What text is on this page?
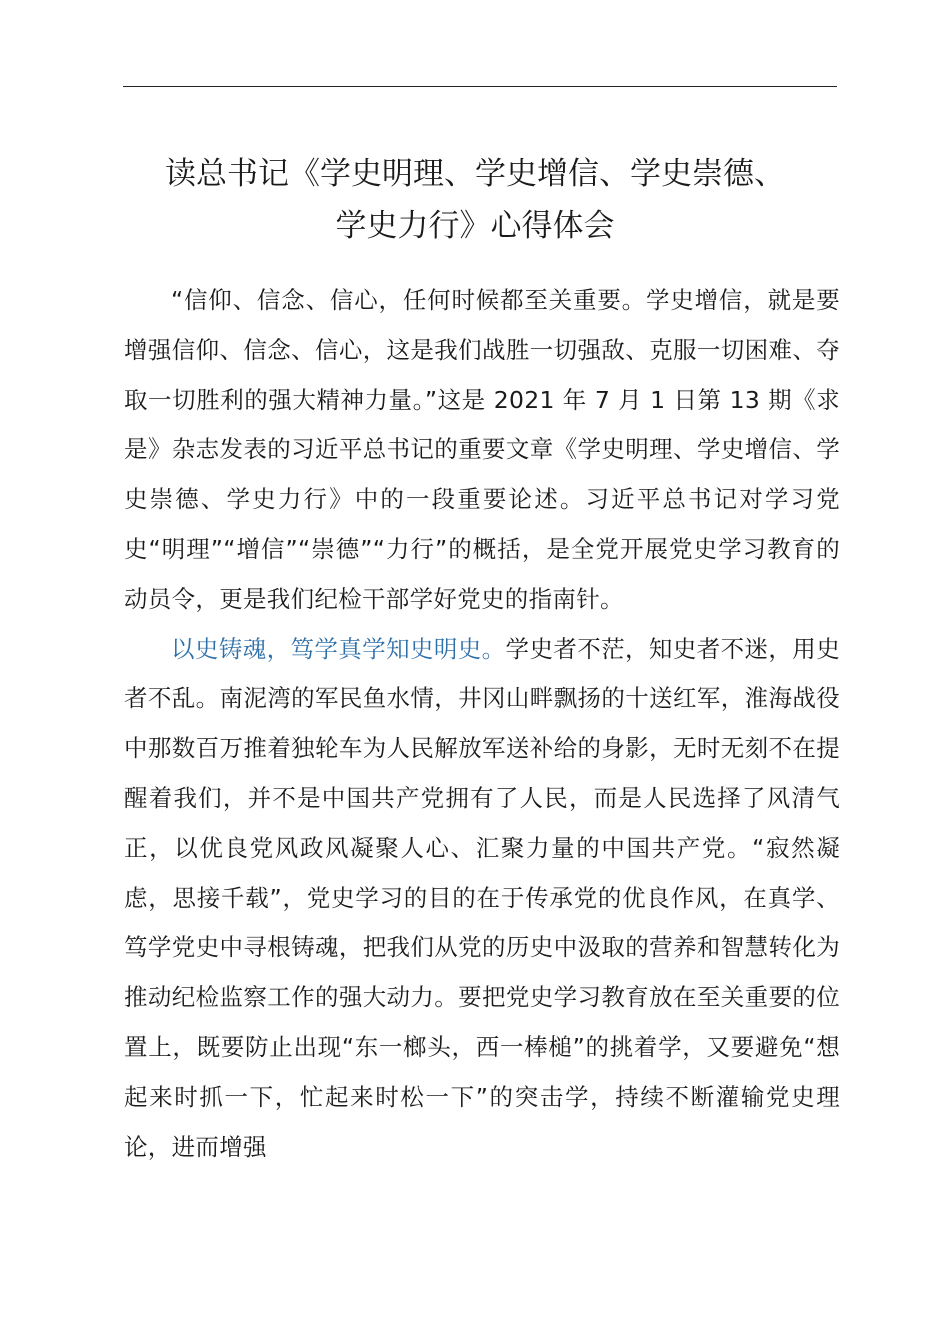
读总书记《学史明理、学史增信、学史崇德、
学史力行》心得体会

“信仰、信念、信心，任何时候都至关重要。学史增信，就是要增强信仰、信念、信心，这是我们战胜一切强敌、克服一切困难、夺取一切胜利的强大精神力量。”这是 2021 年 7 月 1 日第 13 期《求是》杂志发表的习近平总书记的重要文章《学史明理、学史增信、学史崇德、学史力行》中的一段重要论述。习近平总书记对学习党史“明理”“增信”“崇德”“力行”的概括，是全党开展党史学习教育的动员令，更是我们纪检干部学好党史的指南针。

以史铸魂，笃学真学知史明史。学史者不茫，知史者不迷，用史者不乱。南泥湾的军民鱼水情，井冈山畔飘扬的十送红军，淮海战役中那数百万推着独轮车为人民解放军送补给的身影，无时无刻不在提醒着我们，并不是中国共产党拥有了人民，而是人民选择了风清气正，以优良党风政风凝聚人心、汇聚力量的中国共产党。“寂然凝虑，思接千载”，党史学习的目的在于传承党的优良作风，在真学、笃学党史中寻根铸魂，把我们从党的历史中汲取的营养和智慧转化为推动纪检监察工作的强大动力。要把党史学习教育放在至关重要的位置上，既要防止出现“东一榔头，西一棒槌”的挑着学，又要避免“想起来时抓一下，忙起来时松一下”的突击学，持续不断灌输党史理论，进而增强
